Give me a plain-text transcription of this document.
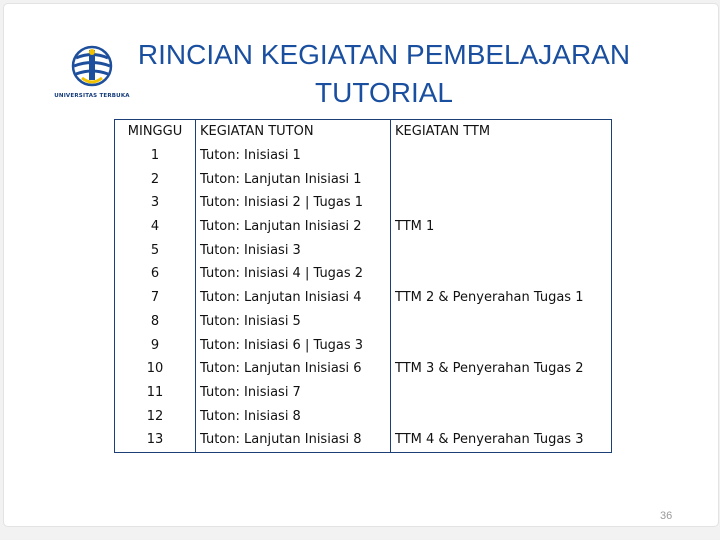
UNIVERSITAS TERBUKA
RINCIAN KEGIATAN PEMBELAJARAN
TUTORIAL
MINGGU	KEGIATAN TUTON	KEGIATAN TTM
1	Tuton: Inisiasi 1	
2	Tuton: Lanjutan Inisiasi 1	
3	Tuton: Inisiasi 2 | Tugas 1	
4	Tuton: Lanjutan Inisiasi 2	TTM 1
5	Tuton: Inisiasi 3	
6	Tuton: Inisiasi 4 | Tugas 2	
7	Tuton: Lanjutan Inisiasi 4	TTM 2 & Penyerahan Tugas 1
8	Tuton: Inisiasi 5	
9	Tuton: Inisiasi 6 | Tugas 3	
10	Tuton: Lanjutan Inisiasi 6	TTM 3 & Penyerahan Tugas 2
11	Tuton: Inisiasi 7	
12	Tuton: Inisiasi 8	
13	Tuton: Lanjutan Inisiasi 8	TTM 4 & Penyerahan Tugas 3
36
